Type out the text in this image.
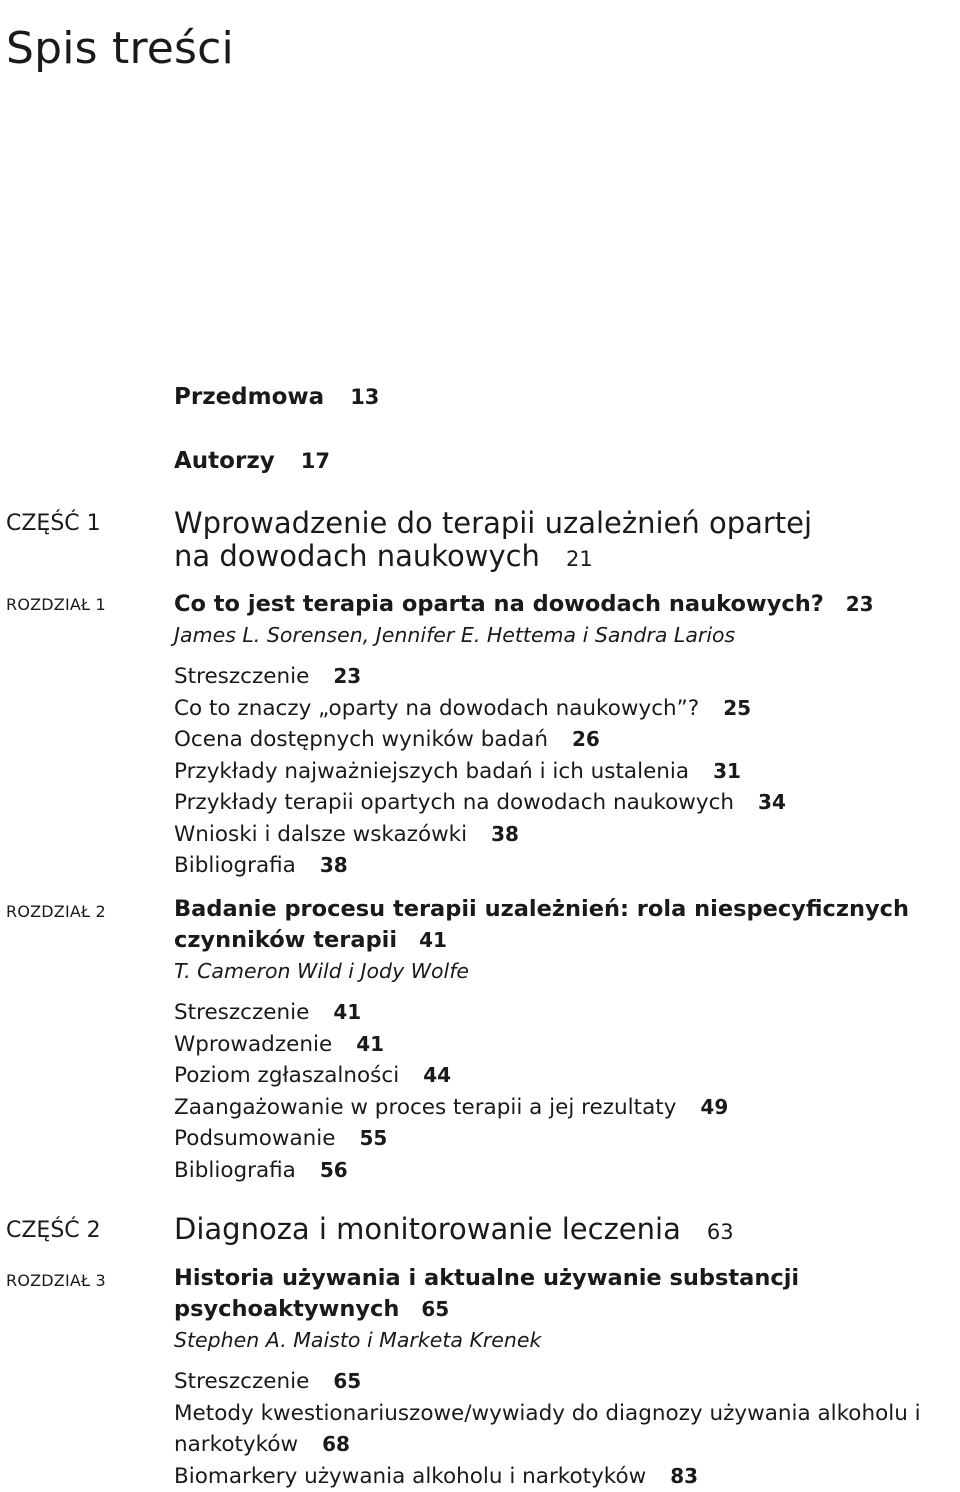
Spis treści
Przedmowa 13
Autorzy 17
CZĘŚĆ 1	Wprowadzenie do terapii uzależnień opartej
na dowodach naukowych 21
ROZDZIAŁ 1	Co to jest terapia oparta na dowodach naukowych? 23
James L. Sorensen, Jennifer E. Hettema i Sandra Larios
Streszczenie 23
Co to znaczy „oparty na dowodach naukowych”? 25
Ocena dostępnych wyników badań 26
Przykłady najważniejszych badań i ich ustalenia 31
Przykłady terapii opartych na dowodach naukowych 34
Wnioski i dalsze wskazówki 38
Bibliografia 38
ROZDZIAŁ 2	Badanie procesu terapii uzależnień: rola niespecyficznych
czynników terapii 41
T. Cameron Wild i Jody Wolfe
Streszczenie 41
Wprowadzenie 41
Poziom zgłaszalności 44
Zaangażowanie w proces terapii a jej rezultaty 49
Podsumowanie 55
Bibliografia 56
CZĘŚĆ 2	Diagnoza i monitorowanie leczenia 63
ROZDZIAŁ 3	Historia używania i aktualne używanie substancji
psychoaktywnych 65
Stephen A. Maisto i Marketa Krenek
Streszczenie 65
Metody kwestionariuszowe/wywiady do diagnozy używania alkoholu i narkotyków 68
Biomarkery używania alkoholu i narkotyków 83
